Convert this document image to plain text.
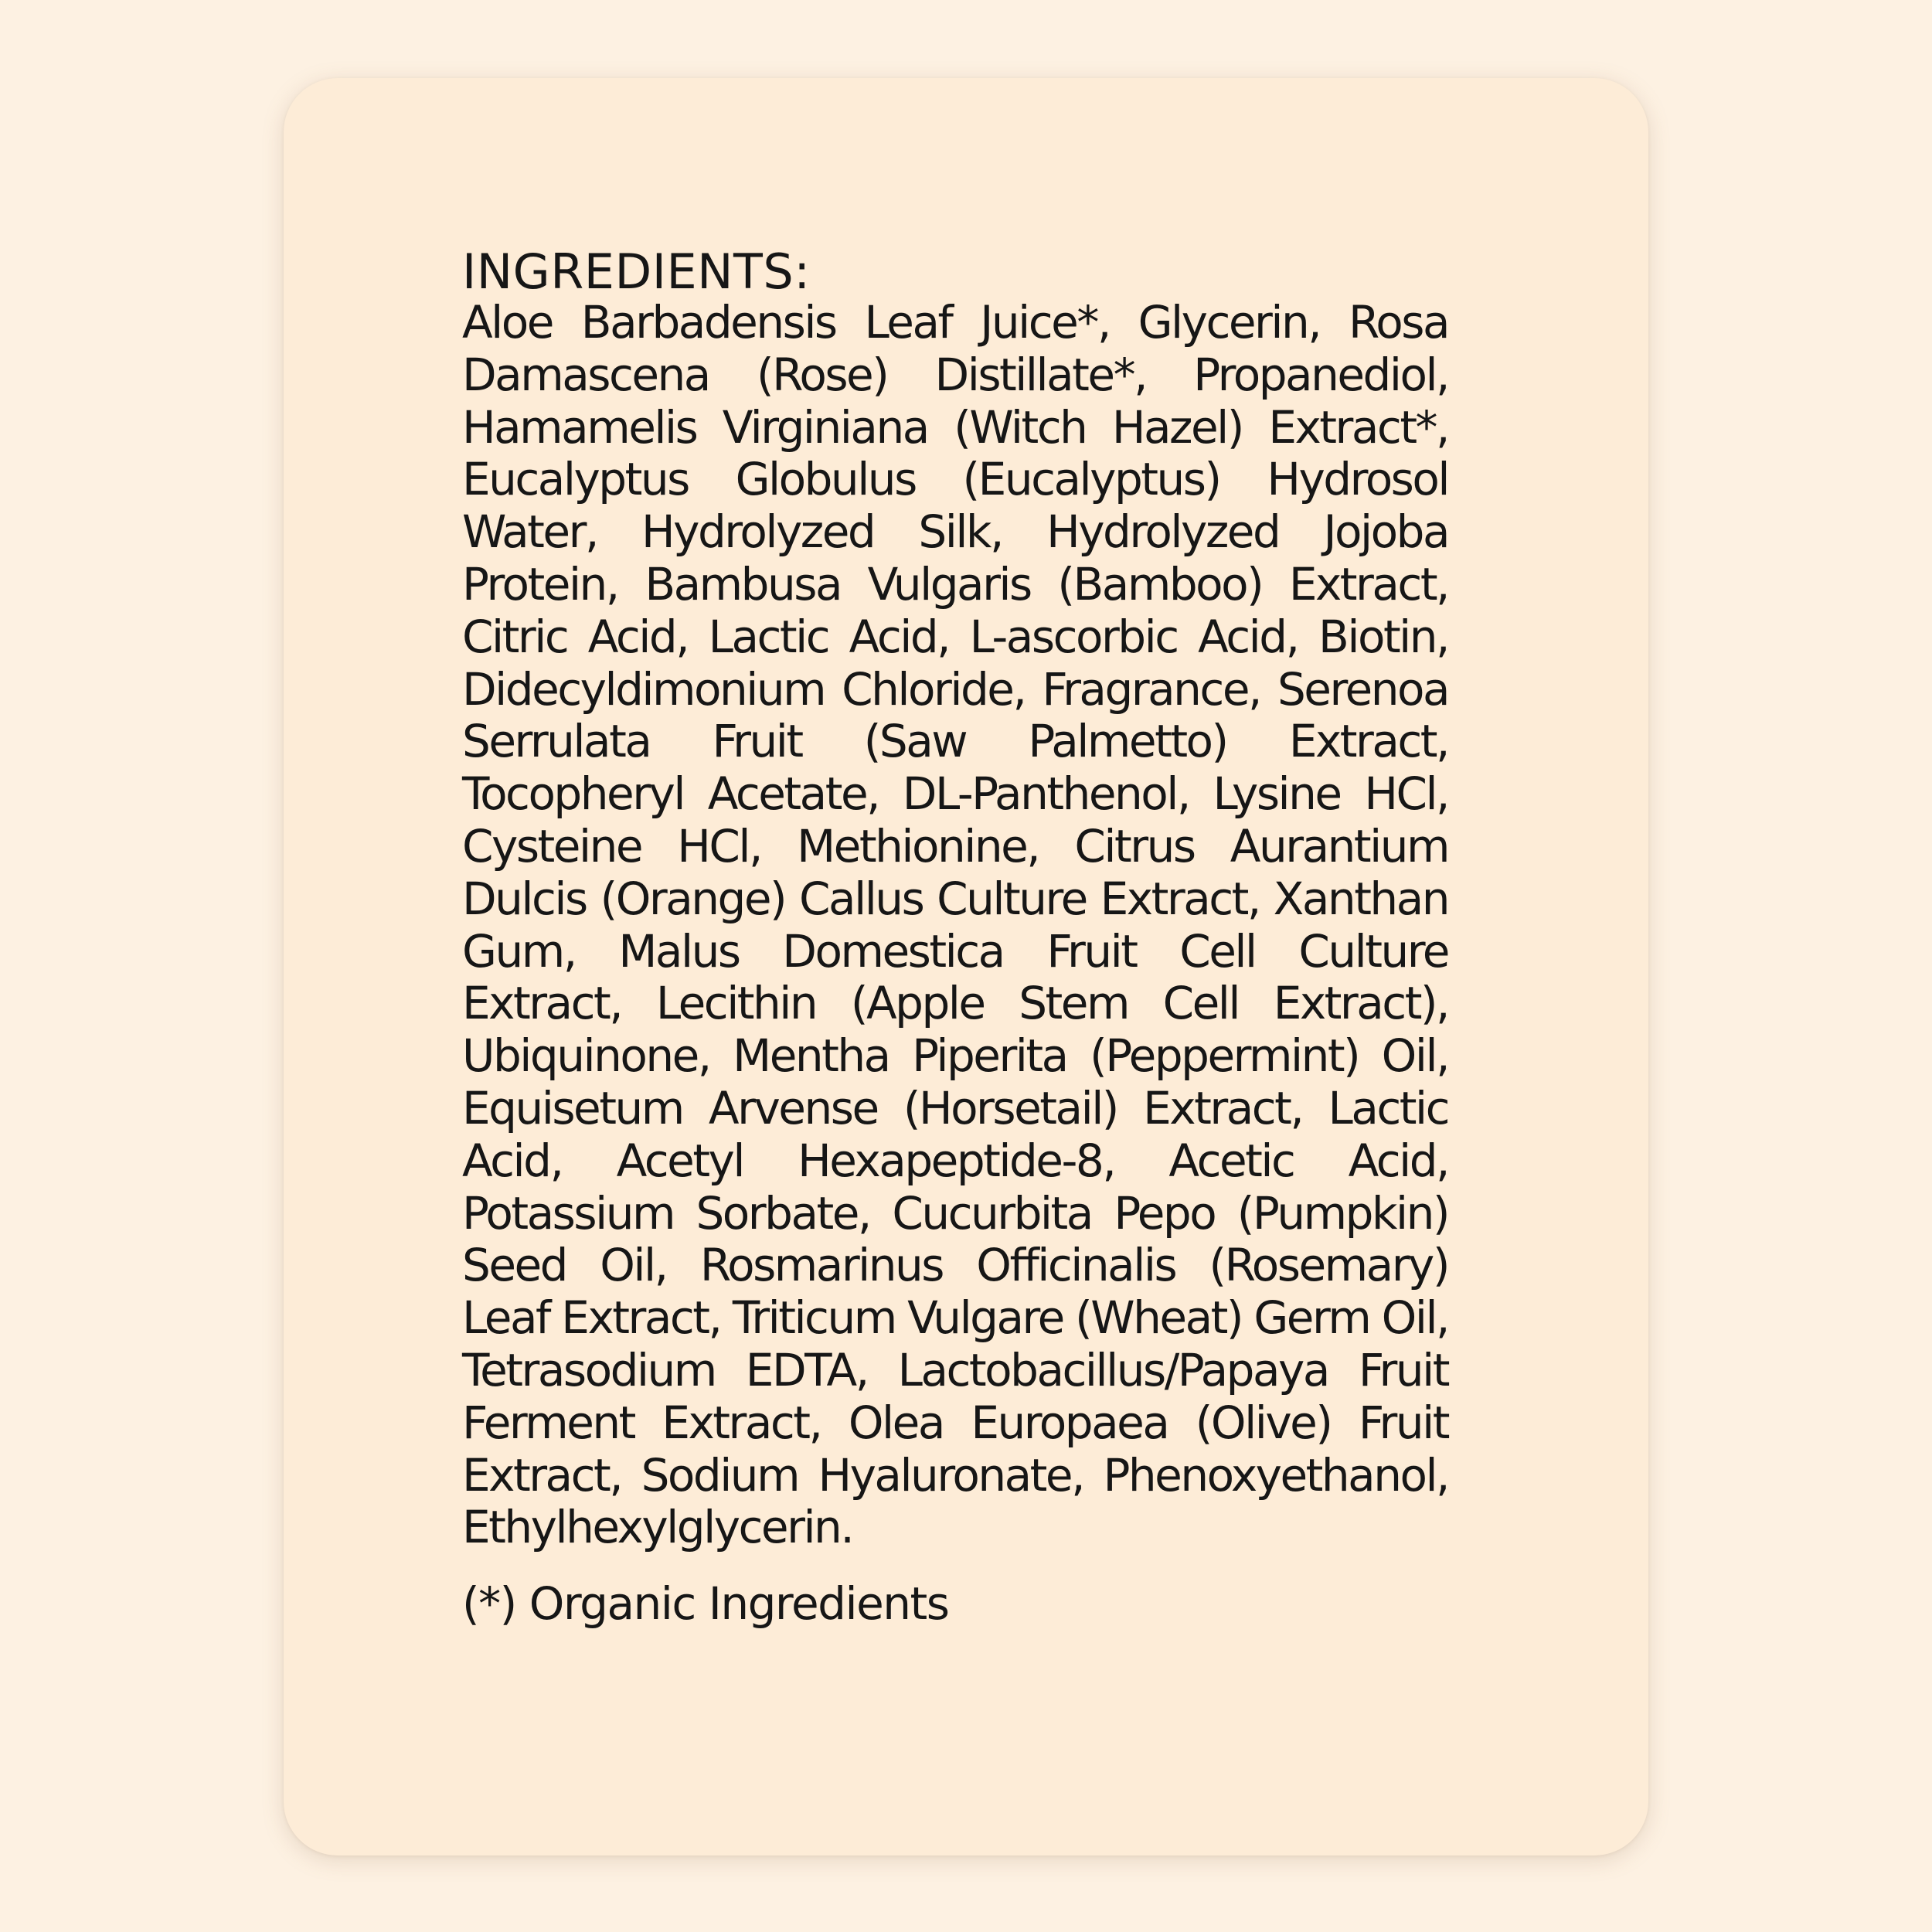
INGREDIENTS:

Aloe Barbadensis Leaf Juice*, Glycerin, Rosa Damascena (Rose) Distillate*, Propanediol, Hamamelis Virginiana (Witch Hazel) Extract*, Eucalyptus Globulus (Eucalyptus) Hydrosol Water, Hydrolyzed Silk, Hydrolyzed Jojoba Protein, Bambusa Vulgaris (Bamboo) Extract, Citric Acid, Lactic Acid, L-ascorbic Acid, Biotin, Didecyldimonium Chloride, Fragrance, Serenoa Serrulata Fruit (Saw Palmetto) Extract, Tocopheryl Acetate, DL-Panthenol, Lysine HCl, Cysteine HCl, Methionine, Citrus Aurantium Dulcis (Orange) Callus Culture Extract, Xanthan Gum, Malus Domestica Fruit Cell Culture Extract, Lecithin (Apple Stem Cell Extract), Ubiquinone, Mentha Piperita (Peppermint) Oil, Equisetum Arvense (Horsetail) Extract, Lactic Acid, Acetyl Hexapeptide-8, Acetic Acid, Potassium Sorbate, Cucurbita Pepo (Pumpkin) Seed Oil, Rosmarinus Officinalis (Rosemary) Leaf Extract, Triticum Vulgare (Wheat) Germ Oil, Tetrasodium EDTA, Lactobacillus/Papaya Fruit Ferment Extract, Olea Europaea (Olive) Fruit Extract, Sodium Hyaluronate, Phenoxyethanol, Ethylhexylglycerin.

(*) Organic Ingredients
